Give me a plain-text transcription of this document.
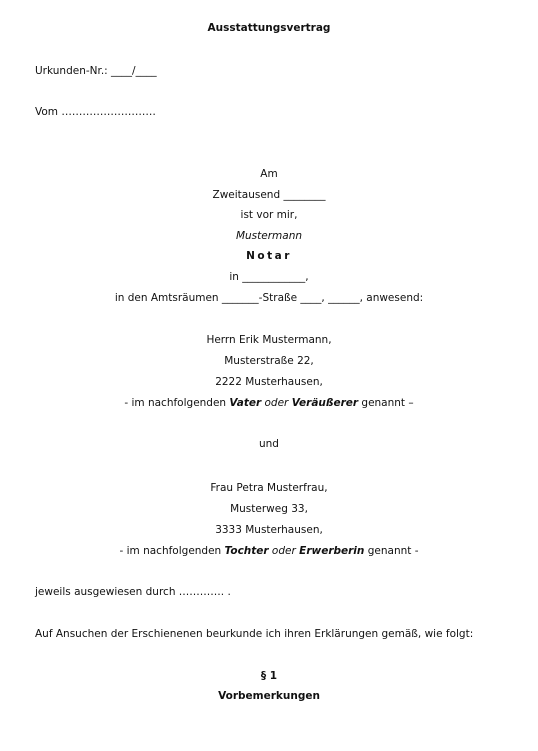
Ausstattungsvertrag
Urkunden-Nr.: ____/____
Vom ………………………
Am
Zweitausend ________
ist vor mir,
Mustermann
Notar
in ____________,
in den Amtsräumen _______-Straße ____, ______, anwesend:
Herrn Erik Mustermann,
Musterstraße 22,
2222 Musterhausen,
- im nachfolgenden Vater oder Veräußerer genannt –
und
Frau Petra Musterfrau,
Musterweg 33,
3333 Musterhausen,
- im nachfolgenden Tochter oder Erwerberin genannt -
jeweils ausgewiesen durch …………. .
Auf Ansuchen der Erschienenen beurkunde ich ihren Erklärungen gemäß, wie folgt:
§ 1
Vorbemerkungen
